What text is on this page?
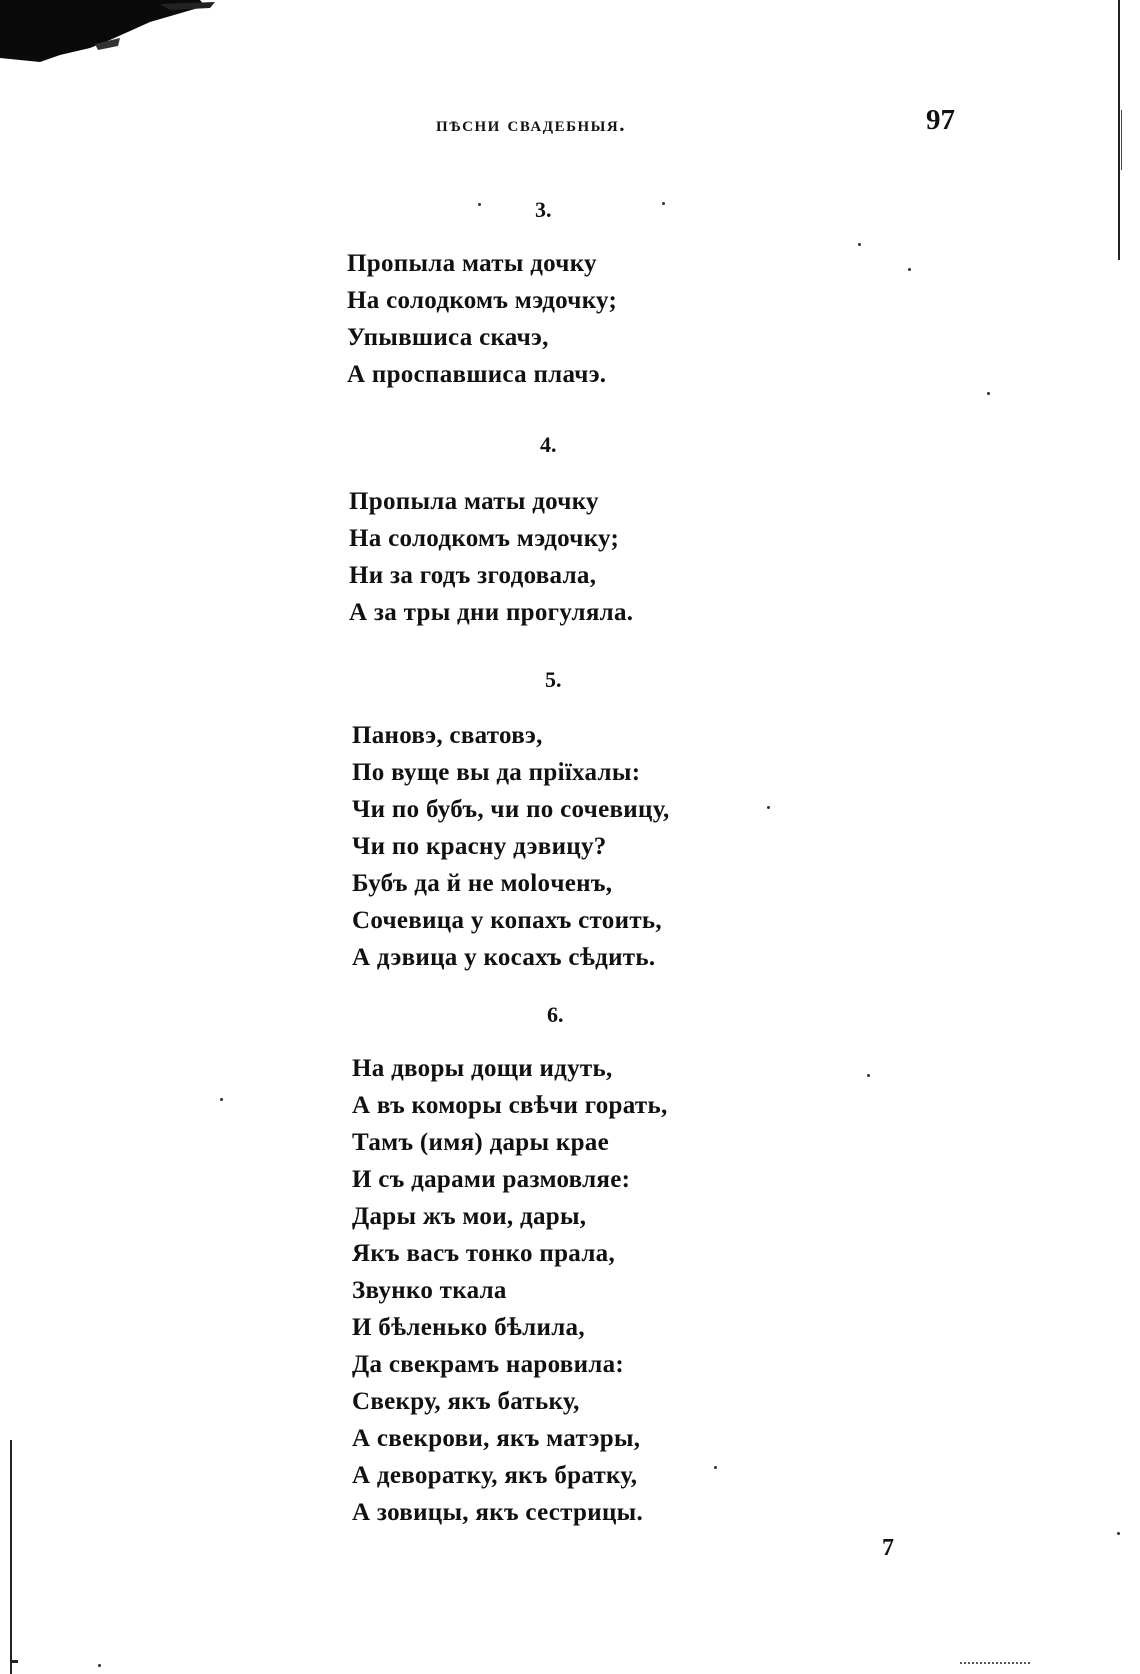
пѣсни свадебныя.	97
3.
Пропыла маты дочку
На солодкомъ мэдочку;
Упывшиса скачэ,
А проспавшиса плачэ.
4.
Пропыла маты дочку
На солодкомъ мэдочку;
Ни за годъ згодовала,
А за тры дни прогуляла.
5.
Пановэ, сватовэ,
По вуще вы да пріїхалы:
Чи по бубъ, чи по сочевицу,
Чи по красну дэвицу?
Бубъ да й не моloченъ,
Сочевица у копахъ стоить,
А дэвица у косахъ сѣдить.
6.
На дворы дощи идуть,
А въ коморы свѣчи горать,
Тамъ (имя) дары крае
И съ дарами размовляе:
Дары жъ мои, дары,
Якъ васъ тонко прала,
Звунко ткала
И бѣленько бѣлила,
Да свекрамъ наровила:
Свекру, якъ батьку,
А свекрови, якъ матэры,
А деворатку, якъ братку,
А зовицы, якъ сестрицы.
7
